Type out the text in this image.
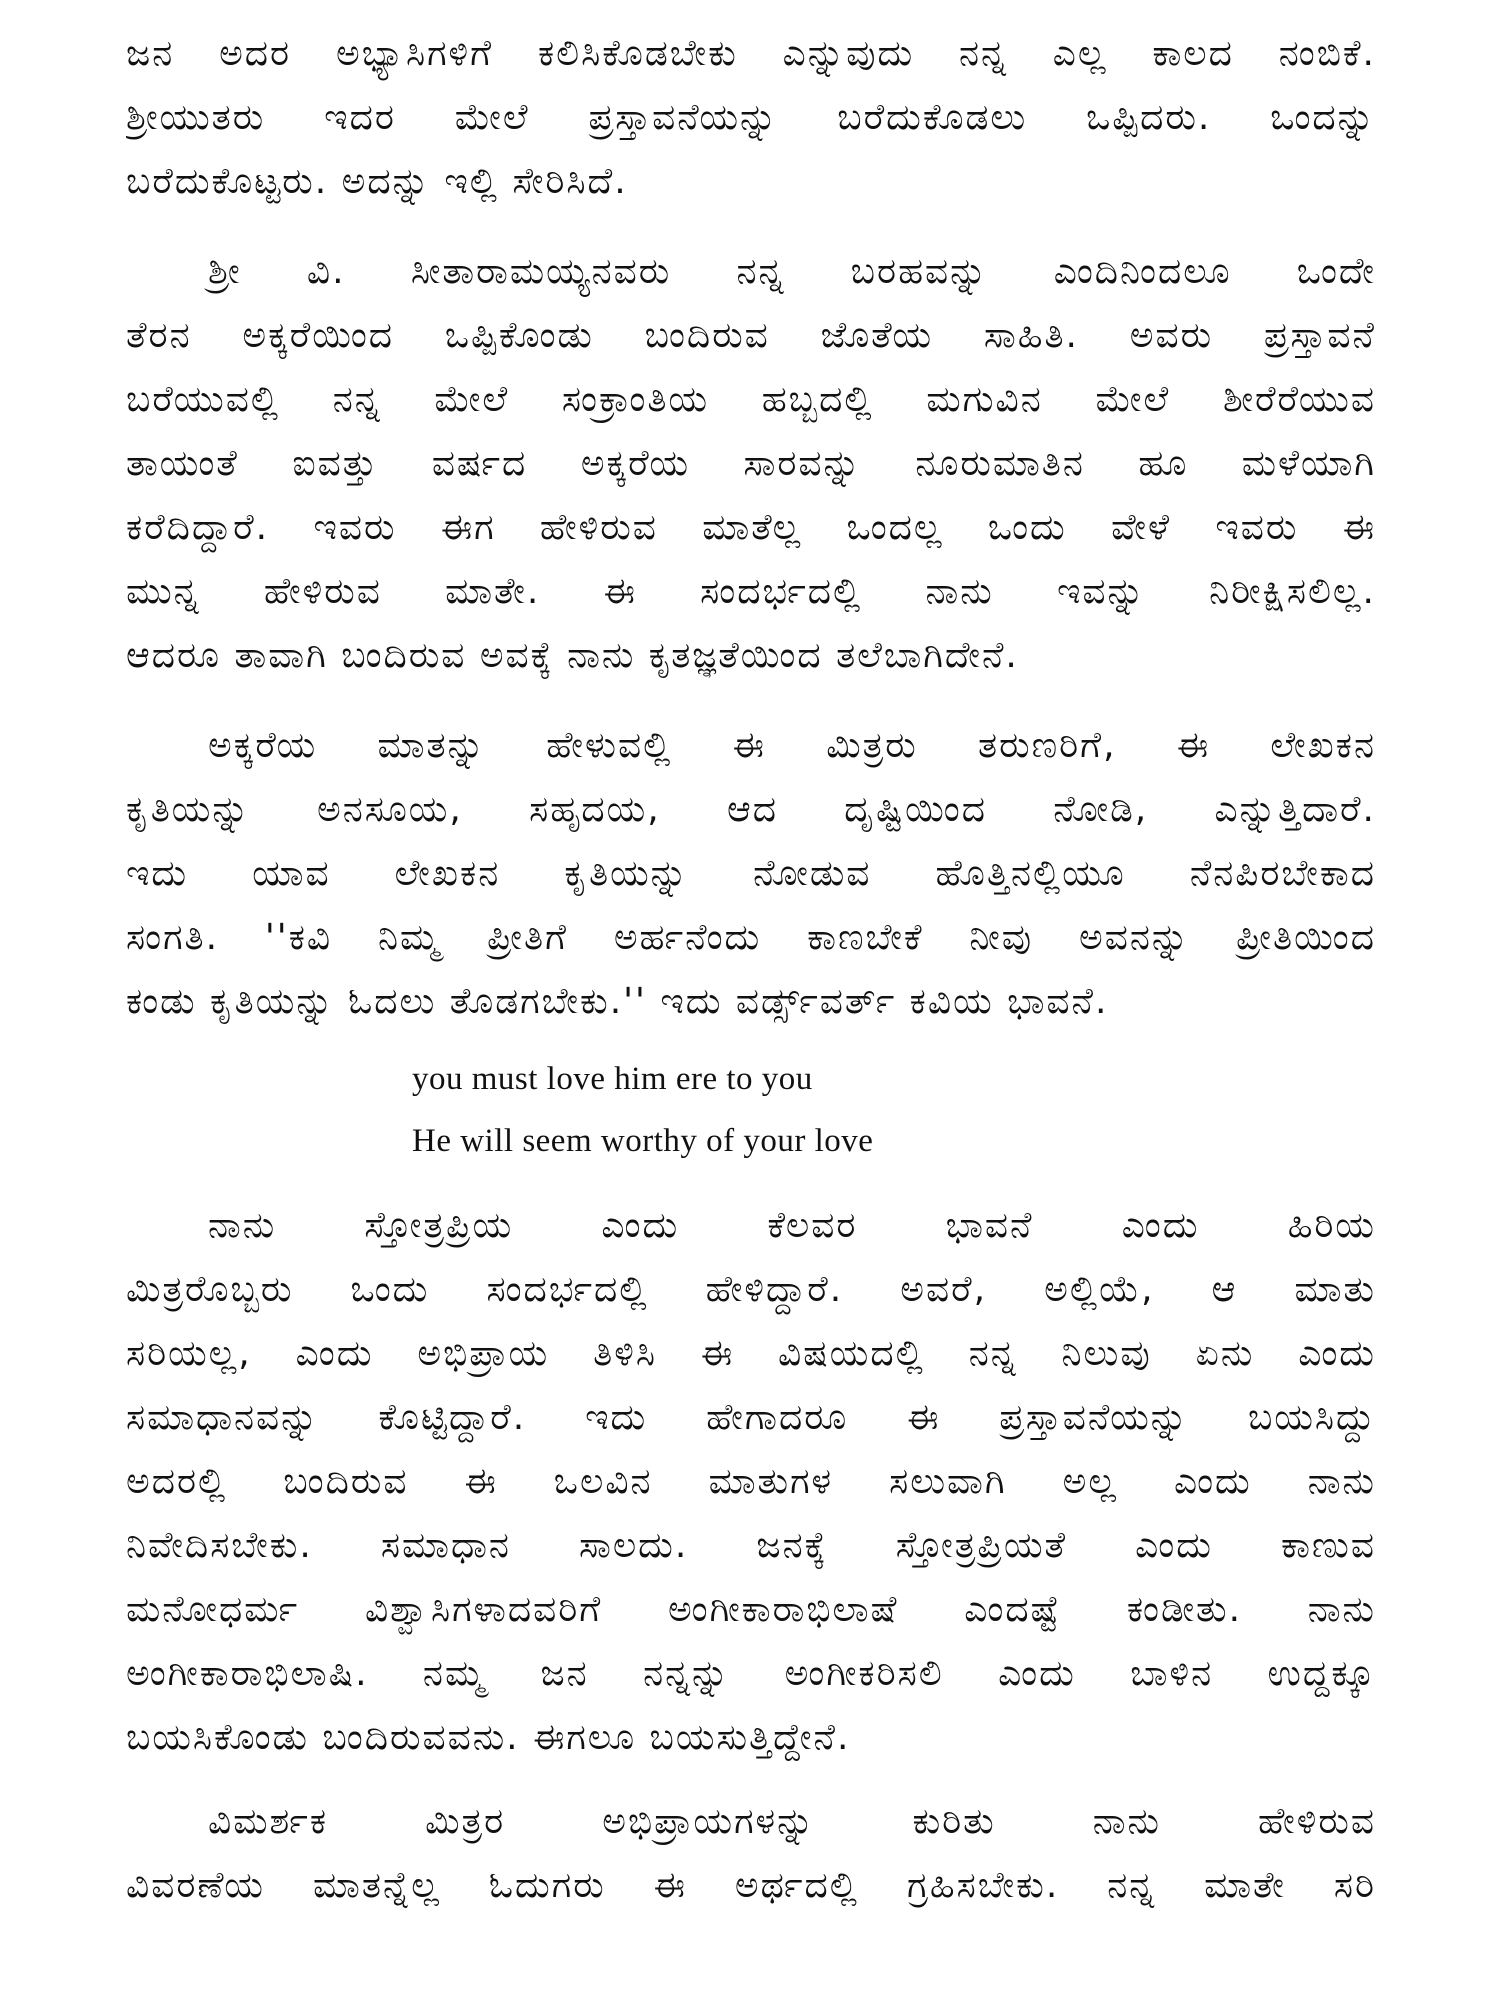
ಜನ ಅದರ ಅಭ್ಯಾಸಿಗಳಿಗೆ ಕಲಿಸಿಕೊಡಬೇಕು ಎನ್ನುವುದು ನನ್ನ ಎಲ್ಲ ಕಾಲದ ನಂಬಿಕೆ.
ಶ್ರೀಯುತರು ಇದರ ಮೇಲೆ ಪ್ರಸ್ತಾವನೆಯನ್ನು ಬರೆದುಕೊಡಲು ಒಪ್ಪಿದರು. ಒಂದನ್ನು
ಬರೆದುಕೊಟ್ಟರು. ಅದನ್ನು ಇಲ್ಲಿ ಸೇರಿಸಿದೆ.
ಶ್ರೀ ವಿ. ಸೀತಾರಾಮಯ್ಯನವರು ನನ್ನ ಬರಹವನ್ನು ಎಂದಿನಿಂದಲೂ ಒಂದೇ
ತೆರನ ಅಕ್ಕರೆಯಿಂದ ಒಪ್ಪಿಕೊಂಡು ಬಂದಿರುವ ಜೊತೆಯ ಸಾಹಿತಿ. ಅವರು ಪ್ರಸ್ತಾವನೆ
ಬರೆಯುವಲ್ಲಿ ನನ್ನ ಮೇಲೆ ಸಂಕ್ರಾಂತಿಯ ಹಬ್ಬದಲ್ಲಿ ಮಗುವಿನ ಮೇಲೆ ಶೀರೆರೆಯುವ
ತಾಯಂತೆ ಐವತ್ತು ವರ್ಷದ ಅಕ್ಕರೆಯ ಸಾರವನ್ನು ನೂರುಮಾತಿನ ಹೂ ಮಳೆಯಾಗಿ
ಕರೆದಿದ್ದಾರೆ. ಇವರು ಈಗ ಹೇಳಿರುವ ಮಾತೆಲ್ಲ ಒಂದಲ್ಲ ಒಂದು ವೇಳೆ ಇವರು ಈ
ಮುನ್ನ ಹೇಳಿರುವ ಮಾತೇ. ಈ ಸಂದರ್ಭದಲ್ಲಿ ನಾನು ಇವನ್ನು ನಿರೀಕ್ಷಿಸಲಿಲ್ಲ.
ಆದರೂ ತಾವಾಗಿ ಬಂದಿರುವ ಅವಕ್ಕೆ ನಾನು ಕೃತಜ್ಞತೆಯಿಂದ ತಲೆಬಾಗಿದೇನೆ.
ಅಕ್ಕರೆಯ ಮಾತನ್ನು ಹೇಳುವಲ್ಲಿ ಈ ಮಿತ್ರರು ತರುಣರಿಗೆ, ಈ ಲೇಖಕನ
ಕೃತಿಯನ್ನು ಅನಸೂಯ, ಸಹೃದಯ, ಆದ ದೃಷ್ಟಿಯಿಂದ ನೋಡಿ, ಎನ್ನುತ್ತಿದಾರೆ.
ಇದು ಯಾವ ಲೇಖಕನ ಕೃತಿಯನ್ನು ನೋಡುವ ಹೊತ್ತಿನಲ್ಲಿಯೂ ನೆನಪಿರಬೇಕಾದ
ಸಂಗತಿ. ''ಕವಿ ನಿಮ್ಮ ಪ್ರೀತಿಗೆ ಅರ್ಹನೆಂದು ಕಾಣಬೇಕೆ ನೀವು ಅವನನ್ನು ಪ್ರೀತಿಯಿಂದ
ಕಂಡು ಕೃತಿಯನ್ನು ಓದಲು ತೊಡಗಬೇಕು.'' ಇದು ವರ್ಡ್ಸ್‌ವರ್ತ್ ಕವಿಯ ಭಾವನೆ.
you must love him ere to you
He will seem worthy of your love
ನಾನು ಸ್ತೋತ್ರಪ್ರಿಯ ಎಂದು ಕೆಲವರ ಭಾವನೆ ಎಂದು ಹಿರಿಯ
ಮಿತ್ರರೊಬ್ಬರು ಒಂದು ಸಂದರ್ಭದಲ್ಲಿ ಹೇಳಿದ್ದಾರೆ. ಅವರೆ, ಅಲ್ಲಿಯೆ, ಆ ಮಾತು
ಸರಿಯಲ್ಲ, ಎಂದು ಅಭಿಪ್ರಾಯ ತಿಳಿಸಿ ಈ ವಿಷಯದಲ್ಲಿ ನನ್ನ ನಿಲುವು ಏನು ಎಂದು
ಸಮಾಧಾನವನ್ನು ಕೊಟ್ಟಿದ್ದಾರೆ. ಇದು ಹೇಗಾದರೂ ಈ ಪ್ರಸ್ತಾವನೆಯನ್ನು ಬಯಸಿದ್ದು
ಅದರಲ್ಲಿ ಬಂದಿರುವ ಈ ಒಲವಿನ ಮಾತುಗಳ ಸಲುವಾಗಿ ಅಲ್ಲ ಎಂದು ನಾನು
ನಿವೇದಿಸಬೇಕು. ಸಮಾಧಾನ ಸಾಲದು. ಜನಕ್ಕೆ ಸ್ತೋತ್ರಪ್ರಿಯತೆ ಎಂದು ಕಾಣುವ
ಮನೋಧರ್ಮ ವಿಶ್ವಾಸಿಗಳಾದವರಿಗೆ ಅಂಗೀಕಾರಾಭಿಲಾಷೆ ಎಂದಷ್ಟೆ ಕಂಡೀತು. ನಾನು
ಅಂಗೀಕಾರಾಭಿಲಾಷಿ. ನಮ್ಮ ಜನ ನನ್ನನ್ನು ಅಂಗೀಕರಿಸಲಿ ಎಂದು ಬಾಳಿನ ಉದ್ದಕ್ಕೂ
ಬಯಸಿಕೊಂಡು ಬಂದಿರುವವನು. ಈಗಲೂ ಬಯಸುತ್ತಿದ್ದೇನೆ.
ವಿಮರ್ಶಕ ಮಿತ್ರರ ಅಭಿಪ್ರಾಯಗಳನ್ನು ಕುರಿತು ನಾನು ಹೇಳಿರುವ
ವಿವರಣೆಯ ಮಾತನ್ನೆಲ್ಲ ಓದುಗರು ಈ ಅರ್ಥದಲ್ಲಿ ಗ್ರಹಿಸಬೇಕು. ನನ್ನ ಮಾತೇ ಸರಿ
